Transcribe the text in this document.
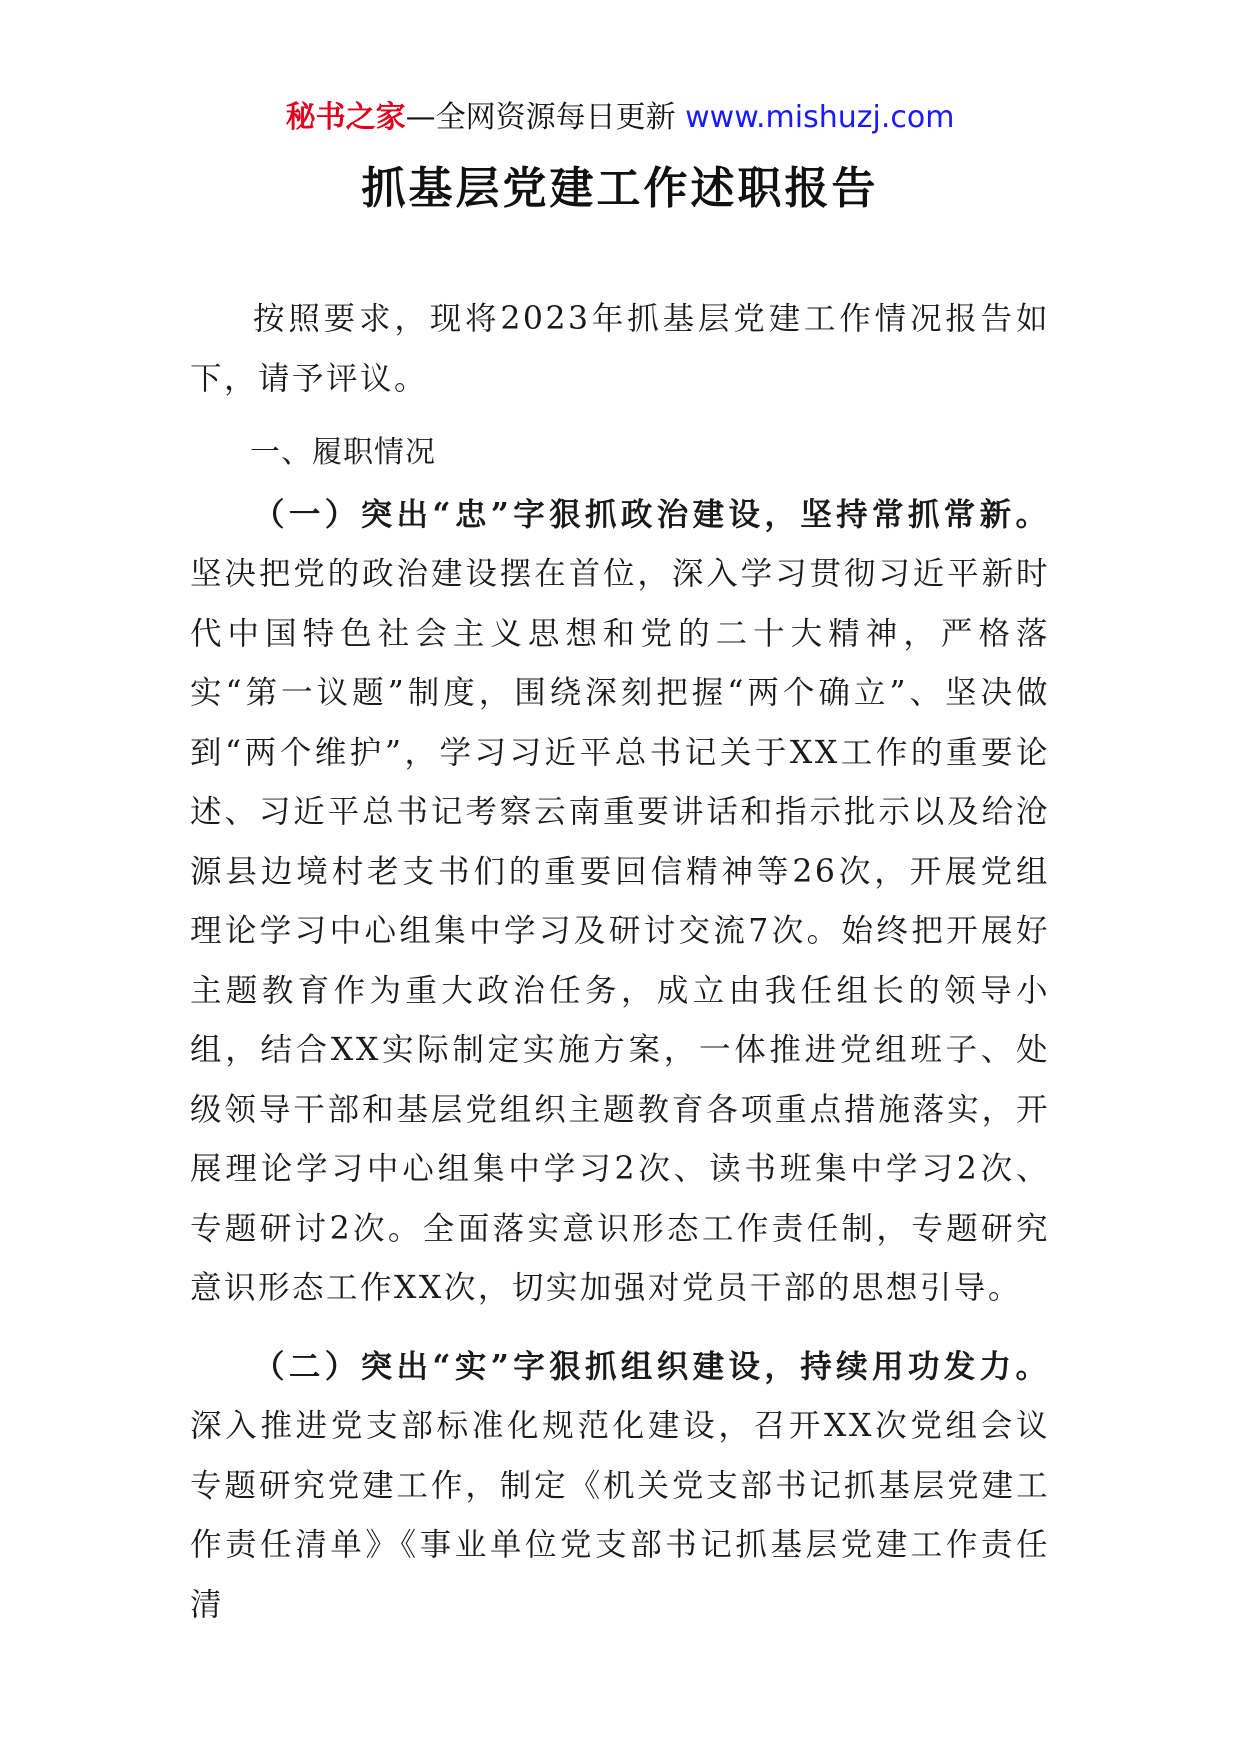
秘书之家—全网资源每日更新 www.mishuzj.com
抓基层党建工作述职报告

按照要求，现将2023年抓基层党建工作情况报告如下，请予评议。

一、履职情况

（一）突出“忠”字狠抓政治建设，坚持常抓常新。坚决把党的政治建设摆在首位，深入学习贯彻习近平新时代中国特色社会主义思想和党的二十大精神，严格落实“第一议题”制度，围绕深刻把握“两个确立”、坚决做到“两个维护”，学习习近平总书记关于XX工作的重要论述、习近平总书记考察云南重要讲话和指示批示以及给沧源县边境村老支书们的重要回信精神等26次，开展党组理论学习中心组集中学习及研讨交流7次。始终把开展好主题教育作为重大政治任务，成立由我任组长的领导小组，结合XX实际制定实施方案，一体推进党组班子、处级领导干部和基层党组织主题教育各项重点措施落实，开展理论学习中心组集中学习2次、读书班集中学习2次、专题研讨2次。全面落实意识形态工作责任制，专题研究意识形态工作XX次，切实加强对党员干部的思想引导。

（二）突出“实”字狠抓组织建设，持续用功发力。深入推进党支部标准化规范化建设，召开XX次党组会议专题研究党建工作，制定《机关党支部书记抓基层党建工作责任清单》《事业单位党支部书记抓基层党建工作责任清
